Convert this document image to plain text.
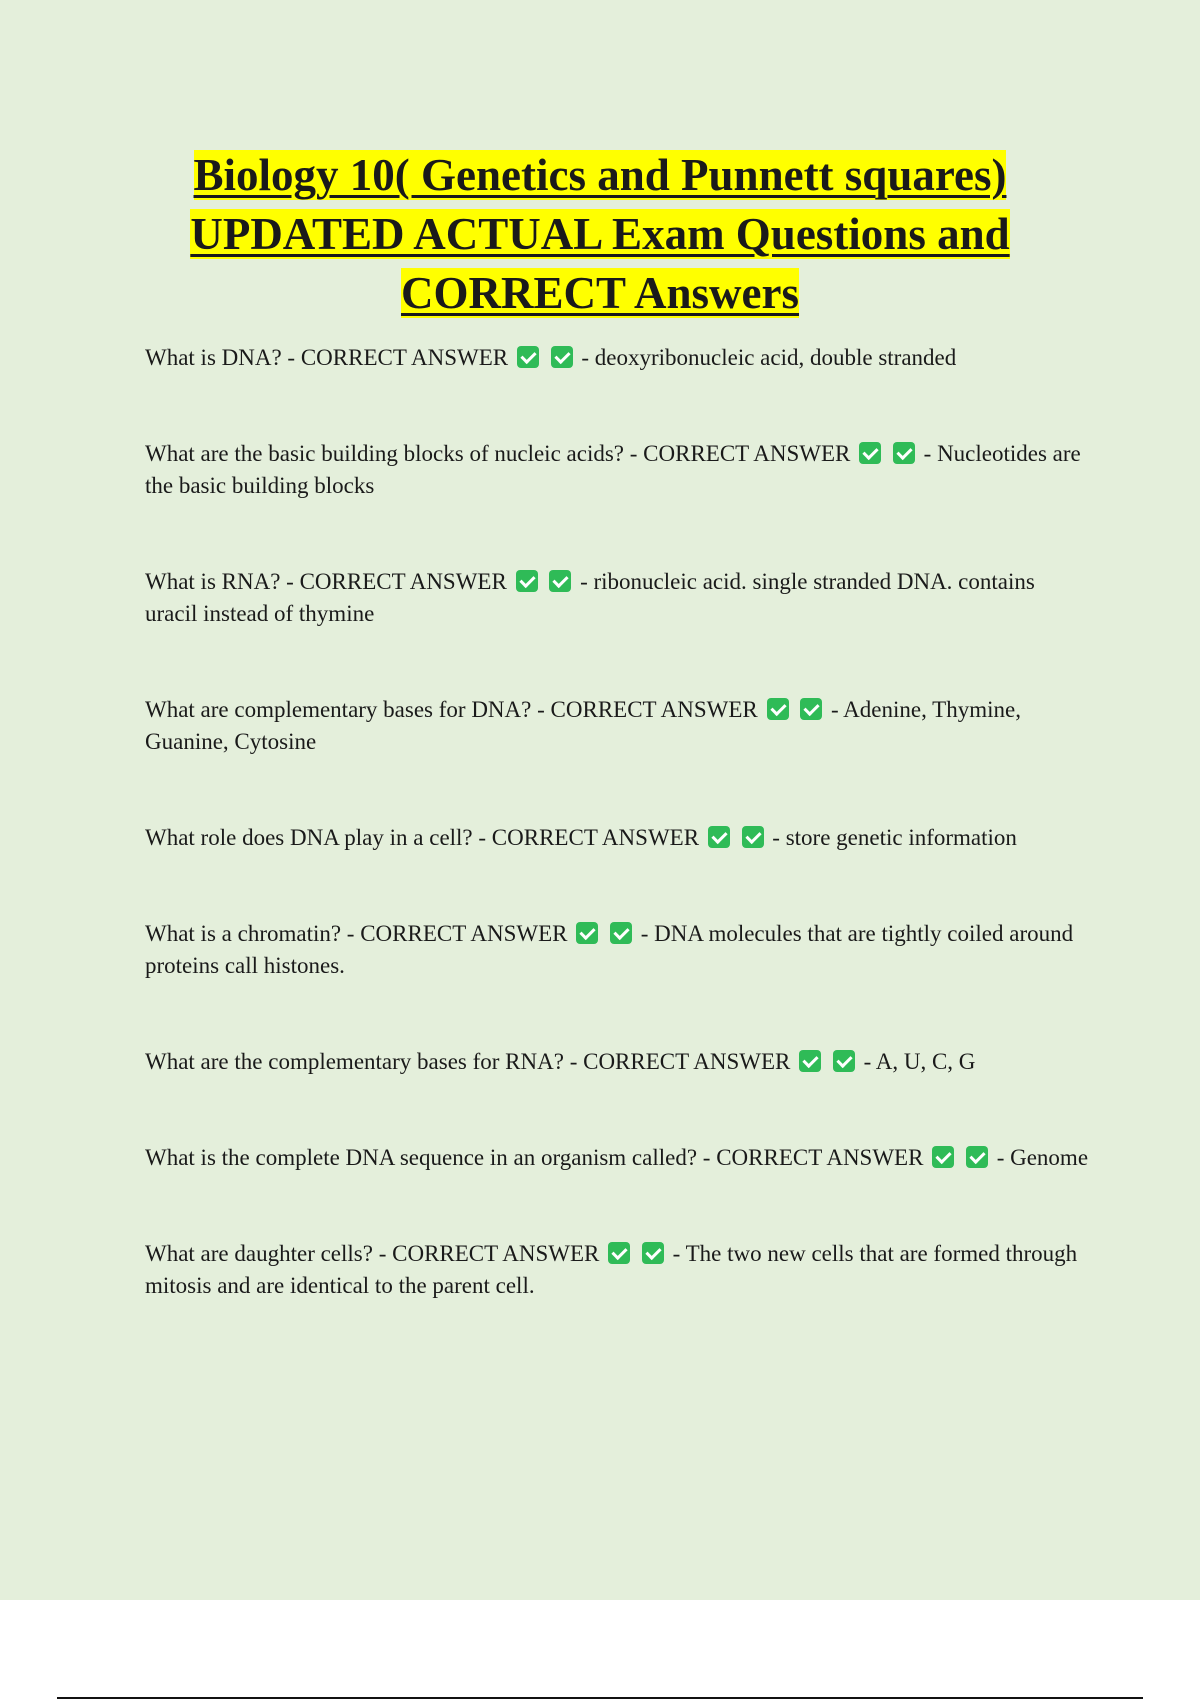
Biology 10( Genetics and Punnett squares)
UPDATED ACTUAL Exam Questions and
CORRECT Answers

What is DNA? - CORRECT ANSWER	- deoxyribonucleic acid, double stranded

What are the basic building blocks of nucleic acids? - CORRECT ANSWER	- Nucleotides are the basic building blocks

What is RNA? - CORRECT ANSWER	- ribonucleic acid. single stranded DNA. contains uracil instead of thymine

What are complementary bases for DNA? - CORRECT ANSWER	- Adenine, Thymine, Guanine, Cytosine

What role does DNA play in a cell? - CORRECT ANSWER	- store genetic information

What is a chromatin? - CORRECT ANSWER	- DNA molecules that are tightly coiled around proteins call histones.

What are the complementary bases for RNA? - CORRECT ANSWER	- A, U, C, G

What is the complete DNA sequence in an organism called? - CORRECT ANSWER	- Genome

What are daughter cells? - CORRECT ANSWER	- The two new cells that are formed through mitosis and are identical to the parent cell.
